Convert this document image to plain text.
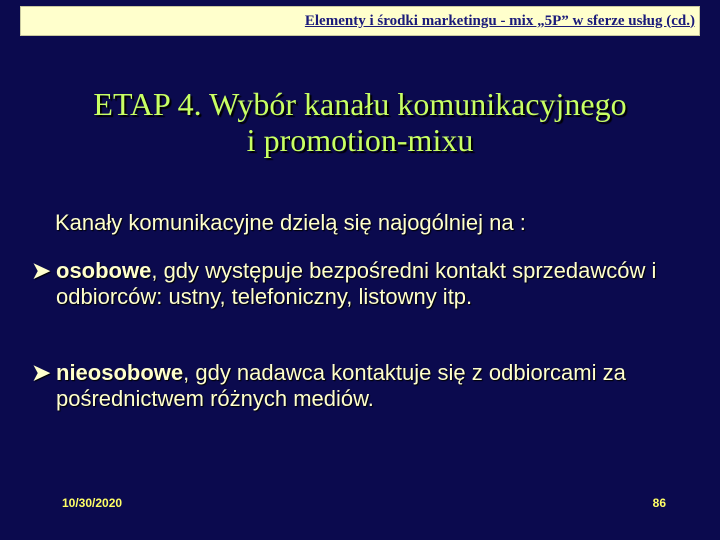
Elementy i środki marketingu - mix „5P” w sferze usług (cd.)
ETAP 4. Wybór kanału komunikacyjnego
i promotion-mixu
Kanały komunikacyjne dzielą się najogólniej na :
➤ osobowe, gdy występuje bezpośredni kontakt sprzedawców i odbiorców: ustny, telefoniczny, listowny itp.
➤ nieosobowe, gdy nadawca kontaktuje się z odbiorcami za pośrednictwem różnych mediów.
10/30/2020	86
